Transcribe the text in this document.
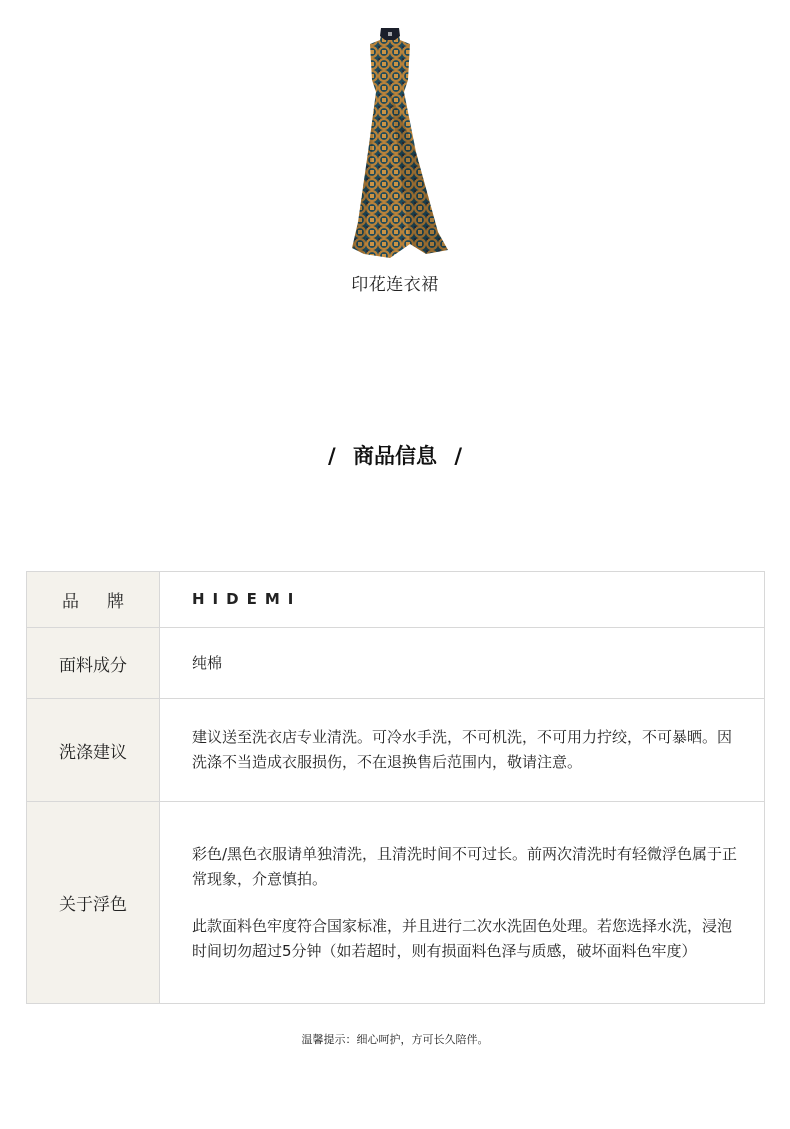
印花连衣裙
/ 商品信息 /
品牌	HIDEMI
面料成分	纯棉
洗涤建议	建议送至洗衣店专业清洗。可冷水手洗，不可机洗，不可用力拧绞，不可暴晒。因洗涤不当造成衣服损伤，不在退换售后范围内，敬请注意。
关于浮色	彩色/黑色衣服请单独清洗，且清洗时间不可过长。前两次清洗时有轻微浮色属于正常现象，介意慎拍。

此款面料色牢度符合国家标准，并且进行二次水洗固色处理。若您选择水洗，浸泡时间切勿超过5分钟（如若超时，则有损面料色泽与质感，破坏面料色牢度）

温馨提示：细心呵护，方可长久陪伴。
